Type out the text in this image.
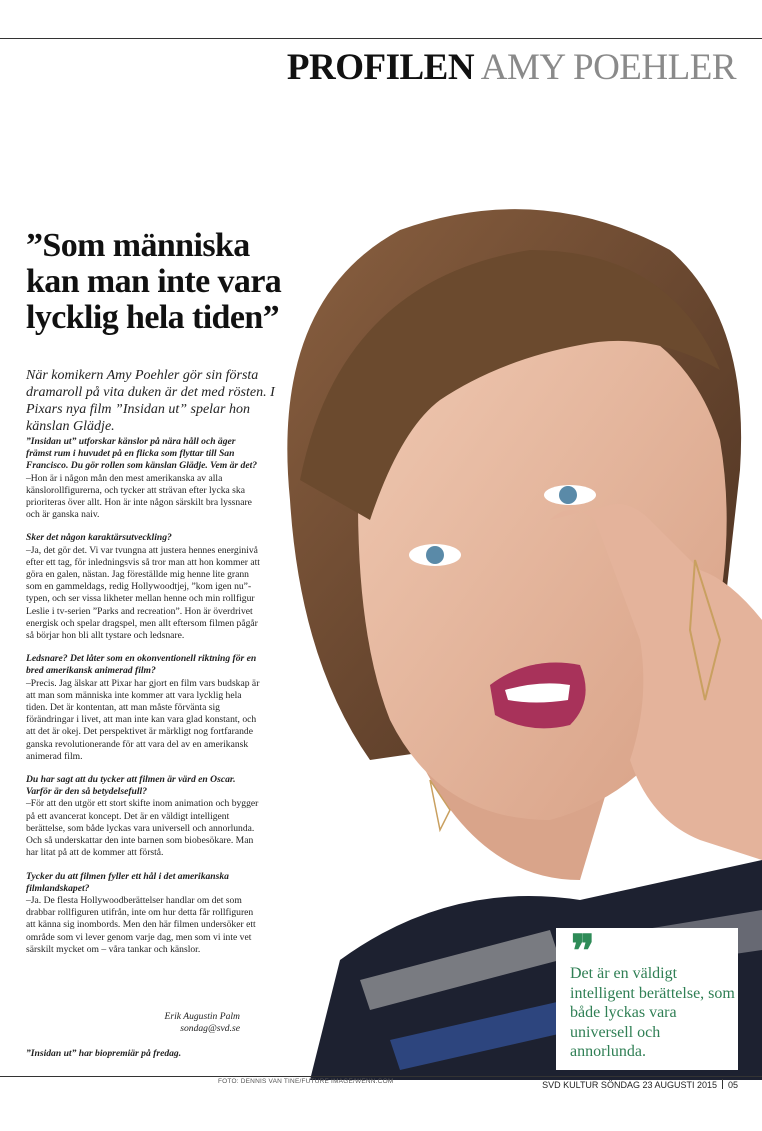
PROFILEN AMY POEHLER
”Som människa kan man inte vara lycklig hela tiden”
När komikern Amy Poehler gör sin första dramaroll på vita duken är det med rösten. I Pixars nya film ”Insidan ut” spelar hon känslan Glädje.

”Insidan ut” utforskar känslor på nära håll och äger främst rum i huvudet på en flicka som flyttar till San Francisco. Du gör rollen som känslan Glädje. Vem är det?

–Hon är i någon mån den mest amerikanska av alla känslorollfigurerna, och tycker att strävan efter lycka ska prioriteras över allt. Hon är inte någon särskilt bra lyssnare och är ganska naiv.

Sker det någon karaktärsutveckling?

–Ja, det gör det. Vi var tvungna att justera hennes energinivå efter ett tag, för inledningsvis så tror man att hon kommer att göra en galen, nästan. Jag föreställde mig henne lite grann som en gammeldags, redig Hollywoodtjej, ”kom igen nu”-typen, och ser vissa likheter mellan henne och min rollfigur Leslie i tv-serien ”Parks and recreation”. Hon är överdrivet energisk och spelar dragspel, men allt eftersom filmen pågår så börjar hon bli allt tystare och ledsnare.

Ledsnare? Det låter som en okonventionell riktning för en bred amerikansk animerad film?

–Precis. Jag älskar att Pixar har gjort en film vars budskap är att man som människa inte kommer att vara lycklig hela tiden. Det är kontentan, att man måste förvänta sig förändringar i livet, att man inte kan vara glad konstant, och att det är okej. Det perspektivet är märkligt nog fortfarande ganska revolutionerande för att vara del av en amerikansk animerad film.

Du har sagt att du tycker att filmen är värd en Oscar. Varför är den så betydelsefull?

–För att den utgör ett stort skifte inom animation och bygger på ett avancerat koncept. Det är en väldigt intelligent berättelse, som både lyckas vara universell och annorlunda. Och så underskattar den inte barnen som biobesökare. Man har litat på att de kommer att förstå.

Tycker du att filmen fyller ett hål i det amerikanska filmlandskapet?

–Ja. De flesta Hollywoodberättelser handlar om det som drabbar rollfiguren utifrån, inte om hur detta får rollfiguren att känna sig inombords. Men den här filmen undersöker ett område som vi lever genom varje dag, men som vi inte vet särskilt mycket om – våra tankar och känslor.

Erik Augustin Palm
sondag@svd.se
”Insidan ut” har biopremiär på fredag.
❞
Det är en väldigt intelligent berättelse, som både lyckas vara universell och annorlunda.
FOTO: DENNIS VAN TINE/FUTURE IMAGE/WENN.COM	SVD KULTUR SÖNDAG 23 AUGUSTI 2015 05
